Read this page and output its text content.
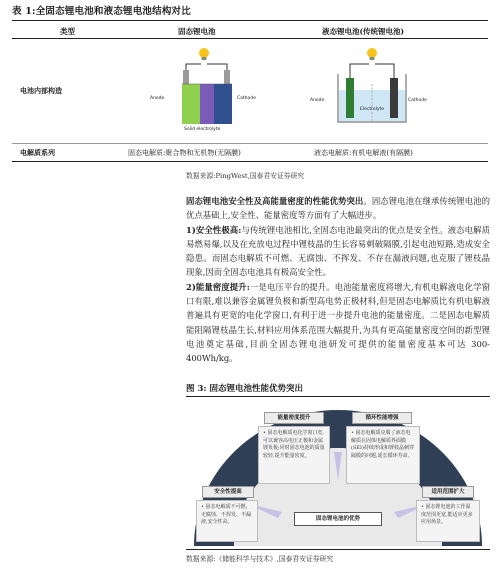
表 1:全固态锂电池和液态锂电池结构对比
类型	固态锂电池	液态锂电池(传统锂电池)
电池内部构造
Anode	Cathode
Solid electrolyte
Anode	Cathode
Electrolyte
电解质系列	固态电解质:聚合物和无机物(无隔膜)	液态电解质:有机电解液(有隔膜)
数据来源:PingWest,国泰君安证券研究

固态锂电池安全性及高能量密度的性能优势突出。固态锂电池在继承传统锂电池的优点基础上,安全性、能量密度等方面有了大幅进步。

1)安全性极高:与传统锂电池相比,全固态电池最突出的优点是安全性。液态电解质易燃易爆,以及在充放电过程中锂枝晶的生长容易刺破隔膜,引起电池短路,造成安全隐患。而固态电解质不可燃、无腐蚀、不挥发、不存在漏液问题,也克服了锂枝晶现象,因而全固态电池具有极高安全性。

2)能量密度提升:一是电压平台的提升。电池能量密度将增大,有机电解液电化学窗口有限,难以兼容金属锂负极和新型高电势正极材料,但是固态电解质比有机电解液普遍具有更宽的电化学窗口,有利于进一步提升电池的能量密度。二是固态电解质能阻隔锂枝晶生长,材料应用体系范围大幅提升,为具有更高能量密度空间的新型锂电池奠定基础,目前全固态锂电池研发可提供的能量密度基本可达 300-400Wh/kg。

图 3: 固态锂电池性能优势突出
能量密度提升
• 固态电解质电化学窗口宽,可以兼容高电压正极和金属锂负极;同时固态电池的质量较轻,提升能量密度。
循环性能增强
• 固态电解质克服了液态电解质在固体电解质界面膜(SEI)持续形成和锂枝晶刺穿隔膜的问题,延长循环寿命。
安全性提高
• 固态电解质不可燃、无腐蚀、不挥发、不漏液,安全性高。
适用范围扩大
• 固态锂电池的工作温度范围更宽,能适应更多应用场景。
固态锂电池的优势
数据来源:《储能科学与技术》,国泰君安证券研究
